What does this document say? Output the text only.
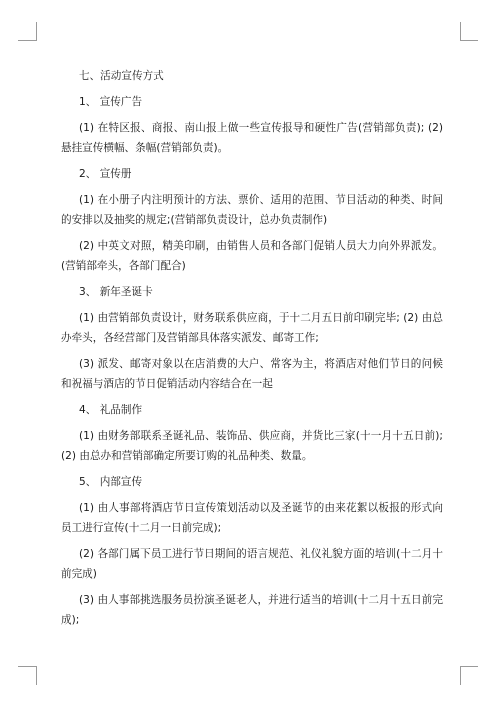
七、活动宣传方式

1、 宣传广告

(1) 在特区报、商报、南山报上做一些宣传报导和硬性广告(营销部负责); (2) 悬挂宣传横幅、条幅(营销部负责)。

2、 宣传册

(1) 在小册子内注明预计的方法、票价、适用的范围、节目活动的种类、时间的安排以及抽奖的规定;(营销部负责设计，总办负责制作)

(2) 中英文对照，精美印刷，由销售人员和各部门促销人员大力向外界派发。(营销部牵头，各部门配合)

3、 新年圣诞卡

(1) 由营销部负责设计，财务联系供应商，于十二月五日前印刷完毕; (2) 由总办牵头，各经营部门及营销部具体落实派发、邮寄工作;

(3) 派发、邮寄对象以在店消费的大户、常客为主，将酒店对他们节日的问候和祝福与酒店的节日促销活动内容结合在一起

4、 礼品制作

(1) 由财务部联系圣诞礼品、装饰品、供应商，并货比三家(十一月十五日前); (2) 由总办和营销部确定所要订购的礼品种类、数量。

5、 内部宣传

(1) 由人事部将酒店节日宣传策划活动以及圣诞节的由来花絮以板报的形式向员工进行宣传(十二月一日前完成);

(2) 各部门属下员工进行节日期间的语言规范、礼仪礼貌方面的培训(十二月十前完成)

(3) 由人事部挑选服务员扮演圣诞老人，并进行适当的培训(十二月十五日前完成);
